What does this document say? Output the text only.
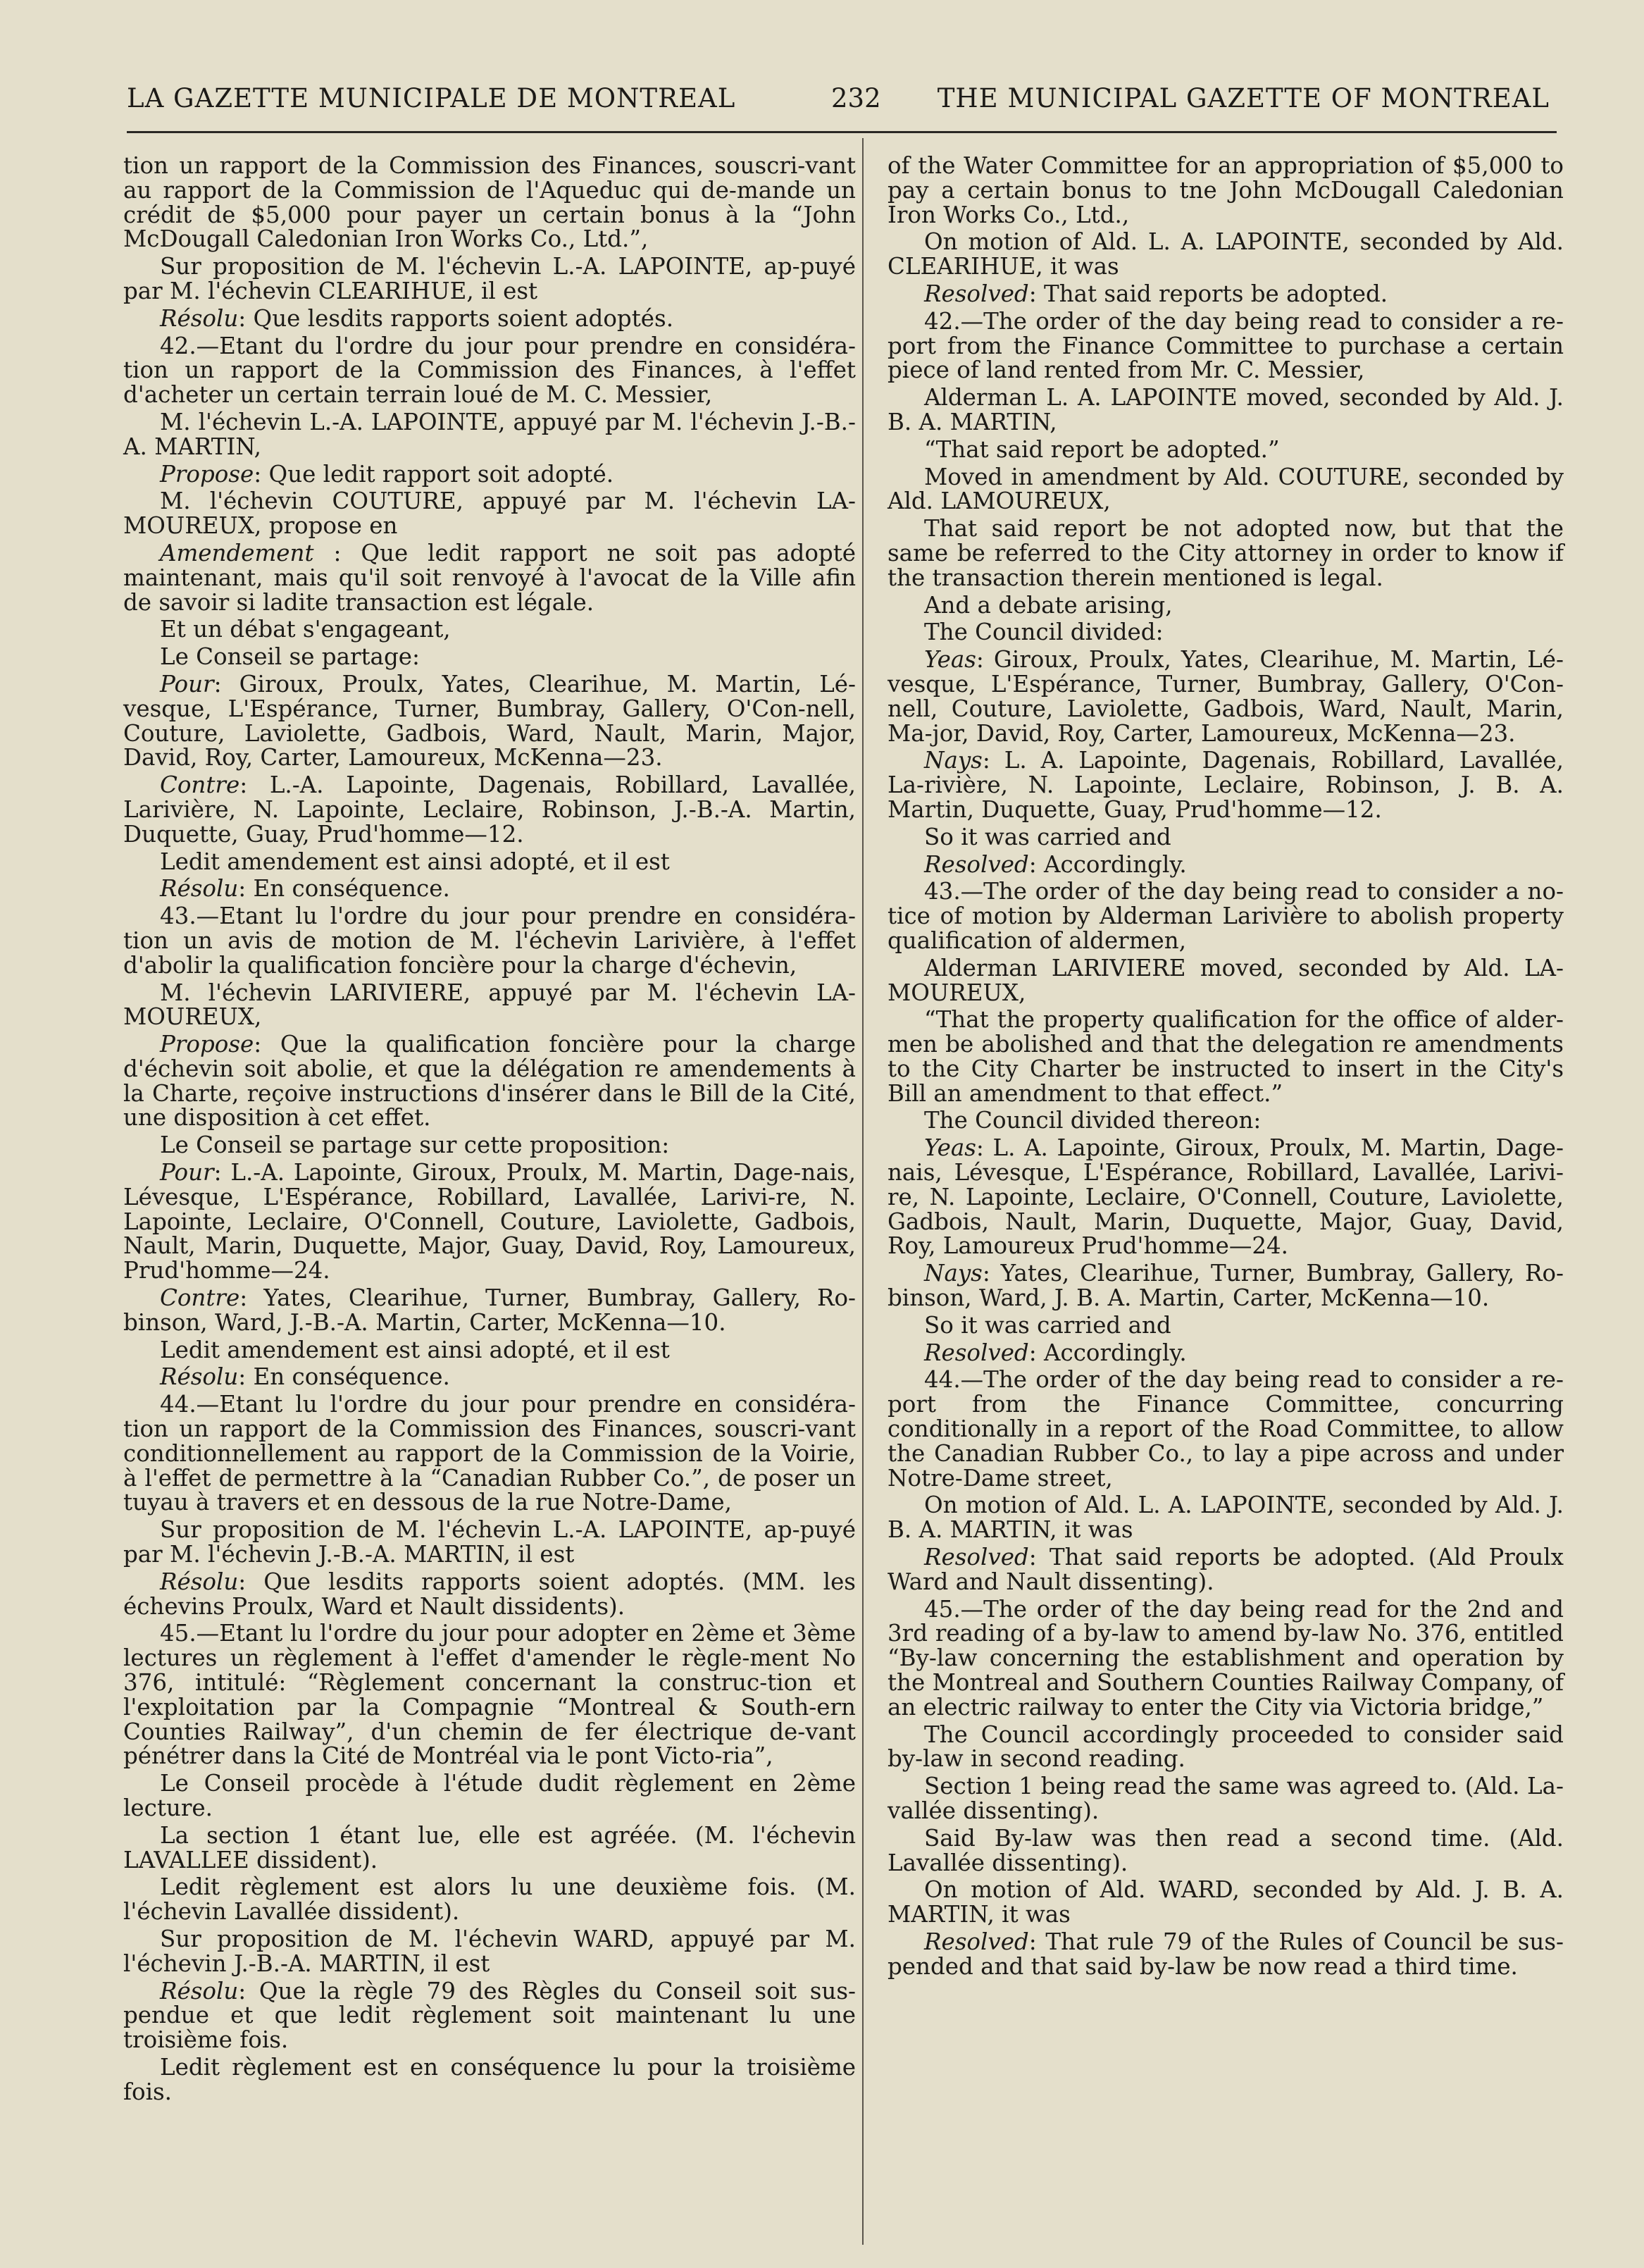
LA GAZETTE MUNICIPALE DE MONTREAL	232 THE MUNICIPAL GAZETTE OF MONTREAL

tion un rapport de la Commission des Finances, souscri-vant au rapport de la Commission de l'Aqueduc qui de-mande un crédit de $5,000 pour payer un certain bonus à la “John McDougall Caledonian Iron Works Co., Ltd.”,

Sur proposition de M. l'échevin L.-A. LAPOINTE, ap-puyé par M. l'échevin CLEARIHUE, il est

Résolu: Que lesdits rapports soient adoptés.

42.—Etant du l'ordre du jour pour prendre en considéra-tion un rapport de la Commission des Finances, à l'effet d'acheter un certain terrain loué de M. C. Messier,

M. l'échevin L.-A. LAPOINTE, appuyé par M. l'échevin J.-B.-A. MARTIN,

Propose: Que ledit rapport soit adopté.

M. l'échevin COUTURE, appuyé par M. l'échevin LA-MOUREUX, propose en

Amendement : Que ledit rapport ne soit pas adopté maintenant, mais qu'il soit renvoyé à l'avocat de la Ville afin de savoir si ladite transaction est légale.

Et un débat s'engageant,

Le Conseil se partage:

Pour: Giroux, Proulx, Yates, Clearihue, M. Martin, Lé-vesque, L'Espérance, Turner, Bumbray, Gallery, O'Con-nell, Couture, Laviolette, Gadbois, Ward, Nault, Marin, Major, David, Roy, Carter, Lamoureux, McKenna—23.

Contre: L.-A. Lapointe, Dagenais, Robillard, Lavallée, Larivière, N. Lapointe, Leclaire, Robinson, J.-B.-A. Martin, Duquette, Guay, Prud'homme—12.

Ledit amendement est ainsi adopté, et il est

Résolu: En conséquence.

43.—Etant lu l'ordre du jour pour prendre en considéra-tion un avis de motion de M. l'échevin Larivière, à l'effet d'abolir la qualification foncière pour la charge d'échevin,

M. l'échevin LARIVIERE, appuyé par M. l'échevin LA-MOUREUX,

Propose: Que la qualification foncière pour la charge d'échevin soit abolie, et que la délégation re amendements à la Charte, reçoive instructions d'insérer dans le Bill de la Cité, une disposition à cet effet.

Le Conseil se partage sur cette proposition:

Pour: L.-A. Lapointe, Giroux, Proulx, M. Martin, Dage-nais, Lévesque, L'Espérance, Robillard, Lavallée, Larivi-re, N. Lapointe, Leclaire, O'Connell, Couture, Laviolette, Gadbois, Nault, Marin, Duquette, Major, Guay, David, Roy, Lamoureux, Prud'homme—24.

Contre: Yates, Clearihue, Turner, Bumbray, Gallery, Ro-binson, Ward, J.-B.-A. Martin, Carter, McKenna—10.

Ledit amendement est ainsi adopté, et il est

Résolu: En conséquence.

44.—Etant lu l'ordre du jour pour prendre en considéra-tion un rapport de la Commission des Finances, souscri-vant conditionnellement au rapport de la Commission de la Voirie, à l'effet de permettre à la “Canadian Rubber Co.”, de poser un tuyau à travers et en dessous de la rue Notre-Dame,

Sur proposition de M. l'échevin L.-A. LAPOINTE, ap-puyé par M. l'échevin J.-B.-A. MARTIN, il est

Résolu: Que lesdits rapports soient adoptés. (MM. les échevins Proulx, Ward et Nault dissidents).

45.—Etant lu l'ordre du jour pour adopter en 2ème et 3ème lectures un règlement à l'effet d'amender le règle-ment No 376, intitulé: “Règlement concernant la construc-tion et l'exploitation par la Compagnie “Montreal & South-ern Counties Railway”, d'un chemin de fer électrique de-vant pénétrer dans la Cité de Montréal via le pont Victo-ria”,

Le Conseil procède à l'étude dudit règlement en 2ème lecture.

La section 1 étant lue, elle est agréée. (M. l'échevin LAVALLEE dissident).

Ledit règlement est alors lu une deuxième fois. (M. l'échevin Lavallée dissident).

Sur proposition de M. l'échevin WARD, appuyé par M. l'échevin J.-B.-A. MARTIN, il est

Résolu: Que la règle 79 des Règles du Conseil soit sus-pendue et que ledit règlement soit maintenant lu une troisième fois.

Ledit règlement est en conséquence lu pour la troisième fois.

of the Water Committee for an appropriation of $5,000 to pay a certain bonus to tne John McDougall Caledonian Iron Works Co., Ltd.,

On motion of Ald. L. A. LAPOINTE, seconded by Ald. CLEARIHUE, it was

Resolved: That said reports be adopted.

42.—The order of the day being read to consider a re-port from the Finance Committee to purchase a certain piece of land rented from Mr. C. Messier,

Alderman L. A. LAPOINTE moved, seconded by Ald. J. B. A. MARTIN,

“That said report be adopted.”

Moved in amendment by Ald. COUTURE, seconded by Ald. LAMOUREUX,

That said report be not adopted now, but that the same be referred to the City attorney in order to know if the transaction therein mentioned is legal.

And a debate arising,

The Council divided:

Yeas: Giroux, Proulx, Yates, Clearihue, M. Martin, Lé-vesque, L'Espérance, Turner, Bumbray, Gallery, O'Con-nell, Couture, Laviolette, Gadbois, Ward, Nault, Marin, Ma-jor, David, Roy, Carter, Lamoureux, McKenna—23.

Nays: L. A. Lapointe, Dagenais, Robillard, Lavallée, La-rivière, N. Lapointe, Leclaire, Robinson, J. B. A. Martin, Duquette, Guay, Prud'homme—12.

So it was carried and

Resolved: Accordingly.

43.—The order of the day being read to consider a no-tice of motion by Alderman Larivière to abolish property qualification of aldermen,

Alderman LARIVIERE moved, seconded by Ald. LA-MOUREUX,

“That the property qualification for the office of alder-men be abolished and that the delegation re amendments to the City Charter be instructed to insert in the City's Bill an amendment to that effect.”

The Council divided thereon:

Yeas: L. A. Lapointe, Giroux, Proulx, M. Martin, Dage-nais, Lévesque, L'Espérance, Robillard, Lavallée, Larivi-re, N. Lapointe, Leclaire, O'Connell, Couture, Laviolette, Gadbois, Nault, Marin, Duquette, Major, Guay, David, Roy, Lamoureux Prud'homme—24.

Nays: Yates, Clearihue, Turner, Bumbray, Gallery, Ro-binson, Ward, J. B. A. Martin, Carter, McKenna—10.

So it was carried and

Resolved: Accordingly.

44.—The order of the day being read to consider a re-port from the Finance Committee, concurring conditionally in a report of the Road Committee, to allow the Canadian Rubber Co., to lay a pipe across and under Notre-Dame street,

On motion of Ald. L. A. LAPOINTE, seconded by Ald. J. B. A. MARTIN, it was

Resolved: That said reports be adopted. (Ald Proulx Ward and Nault dissenting).

45.—The order of the day being read for the 2nd and 3rd reading of a by-law to amend by-law No. 376, entitled “By-law concerning the establishment and operation by the Montreal and Southern Counties Railway Company, of an electric railway to enter the City via Victoria bridge,”

The Council accordingly proceeded to consider said by-law in second reading.

Section 1 being read the same was agreed to. (Ald. La-vallée dissenting).

Said By-law was then read a second time. (Ald. Lavallée dissenting).

On motion of Ald. WARD, seconded by Ald. J. B. A. MARTIN, it was

Resolved: That rule 79 of the Rules of Council be sus-pended and that said by-law be now read a third time.
